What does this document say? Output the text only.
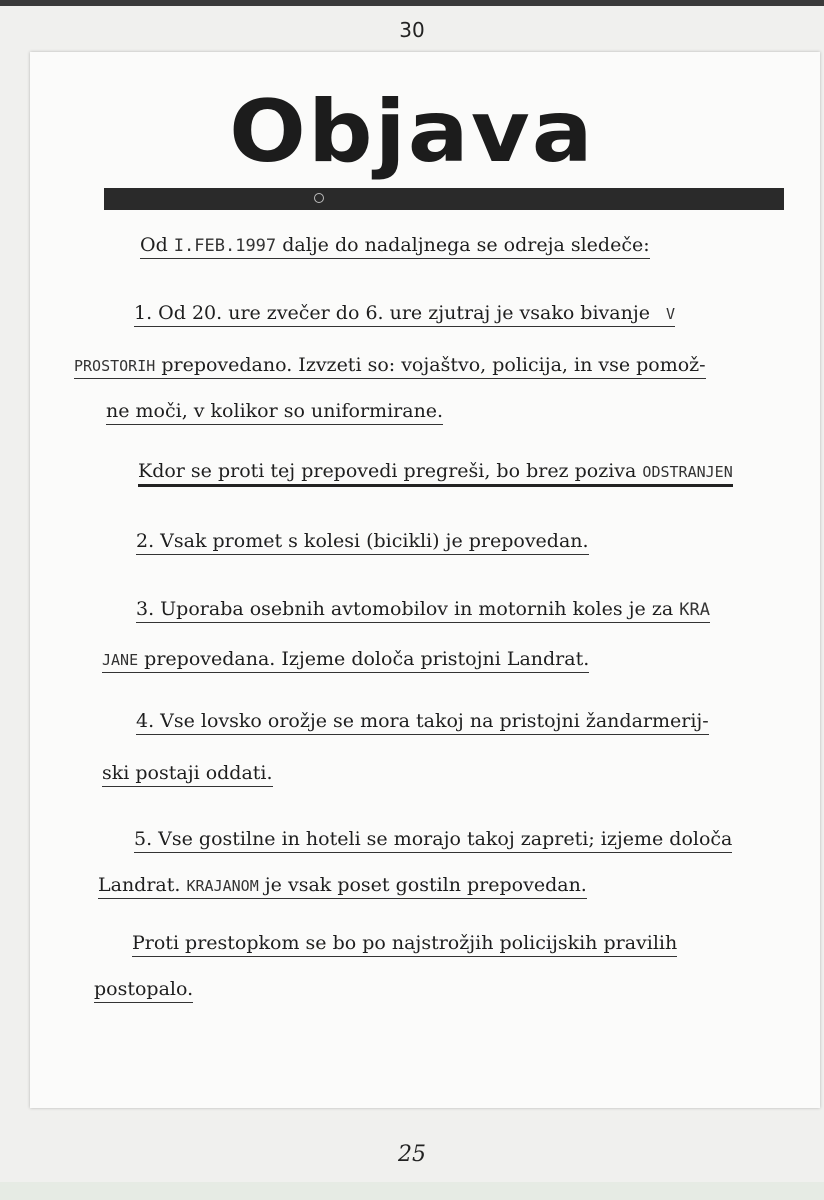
30
Objava
Od I.FEB.1997 dalje do nadaljnega se odreja sledeče:
1. Od 20. ure zvečer do 6. ure zjutraj je vsako bivanje V
PROSTORIH prepovedano. Izvzeti so: vojaštvo, policija, in vse pomož-
ne moči, v kolikor so uniformirane.
Kdor se proti tej prepovedi pregreši, bo brez poziva ODSTRANJEN
2. Vsak promet s kolesi (bicikli) je prepovedan.
3. Uporaba osebnih avtomobilov in motornih koles je za KRA
JANE prepovedana. Izjeme določa pristojni Landrat.
4. Vse lovsko orožje se mora takoj na pristojni žandarmerij-
ski postaji oddati.
5. Vse gostilne in hoteli se morajo takoj zapreti; izjeme določa
Landrat. KRAJANOM je vsak poset gostiln prepovedan.
Proti prestopkom se bo po najstrožjih policijskih pravilih
postopalo.
25
